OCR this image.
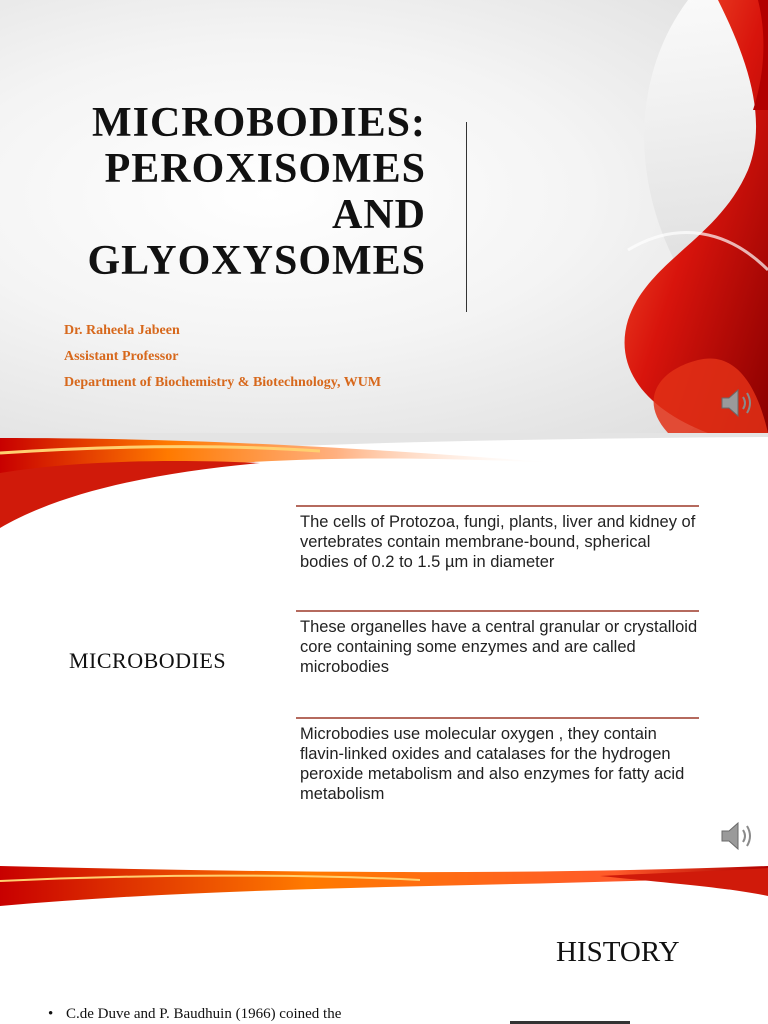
MICROBODIES:
PEROXISOMES
AND
GLYOXYSOMES
Dr. Raheela Jabeen
Assistant Professor
Department of Biochemistry & Biotechnology, WUM
MICROBODIES
The cells of Protozoa, fungi, plants, liver and kidney of vertebrates contain membrane-bound, spherical bodies of 0.2 to 1.5 µm in diameter
These organelles have a central granular or crystalloid core containing some enzymes and are called microbodies
Microbodies use molecular oxygen , they contain flavin-linked oxides and catalases for the hydrogen peroxide metabolism and also enzymes for fatty acid metabolism
HISTORY
• C.de Duve and P. Baudhuin (1966) coined the
